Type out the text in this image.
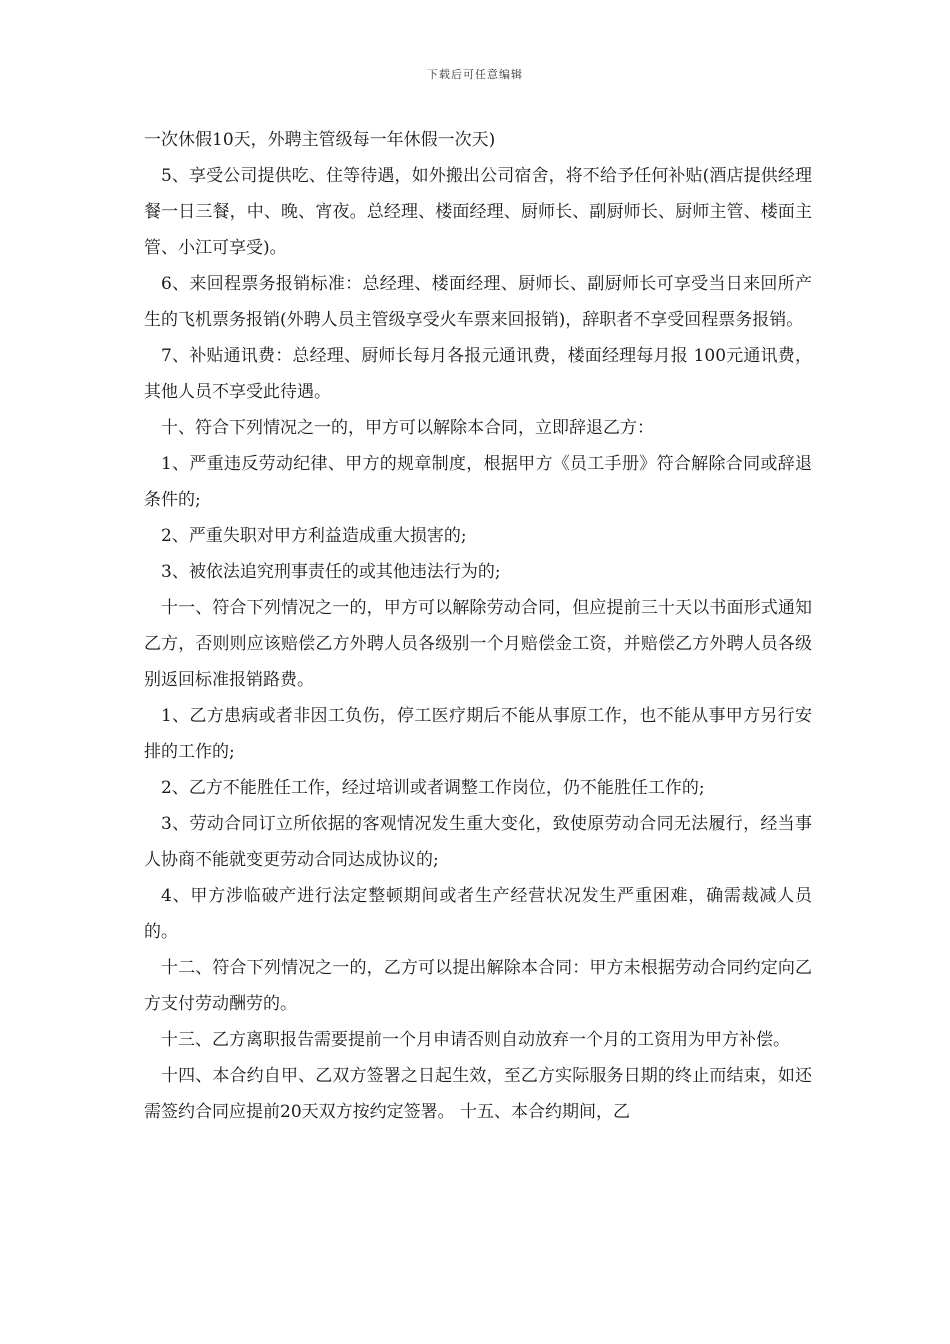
下载后可任意编辑

一次休假10天，外聘主管级每一年休假一次天)

5、享受公司提供吃、住等待遇，如外搬出公司宿舍，将不给予任何补贴(酒店提供经理餐一日三餐，中、晚、宵夜。总经理、楼面经理、厨师长、副厨师长、厨师主管、楼面主管、小江可享受)。

6、来回程票务报销标准：总经理、楼面经理、厨师长、副厨师长可享受当日来回所产生的飞机票务报销(外聘人员主管级享受火车票来回报销)，辞职者不享受回程票务报销。

7、补贴通讯费：总经理、厨师长每月各报元通讯费，楼面经理每月报 100元通讯费，其他人员不享受此待遇。

十、符合下列情况之一的，甲方可以解除本合同，立即辞退乙方：

1、严重违反劳动纪律、甲方的规章制度，根据甲方《员工手册》符合解除合同或辞退条件的;

2、严重失职对甲方利益造成重大损害的;

3、被依法追究刑事责任的或其他违法行为的;

十一、符合下列情况之一的，甲方可以解除劳动合同，但应提前三十天以书面形式通知乙方，否则则应该赔偿乙方外聘人员各级别一个月赔偿金工资，并赔偿乙方外聘人员各级别返回标准报销路费。

1、乙方患病或者非因工负伤，停工医疗期后不能从事原工作，也不能从事甲方另行安排的工作的;

2、乙方不能胜任工作，经过培训或者调整工作岗位，仍不能胜任工作的;

3、劳动合同订立所依据的客观情况发生重大变化，致使原劳动合同无法履行，经当事人协商不能就变更劳动合同达成协议的;

4、甲方涉临破产进行法定整顿期间或者生产经营状况发生严重困难，确需裁减人员的。

十二、符合下列情况之一的，乙方可以提出解除本合同：甲方未根据劳动合同约定向乙方支付劳动酬劳的。

十三、乙方离职报告需要提前一个月申请否则自动放弃一个月的工资用为甲方补偿。

十四、本合约自甲、乙双方签署之日起生效，至乙方实际服务日期的终止而结束，如还需签约合同应提前20天双方按约定签署。 十五、本合约期间，乙
